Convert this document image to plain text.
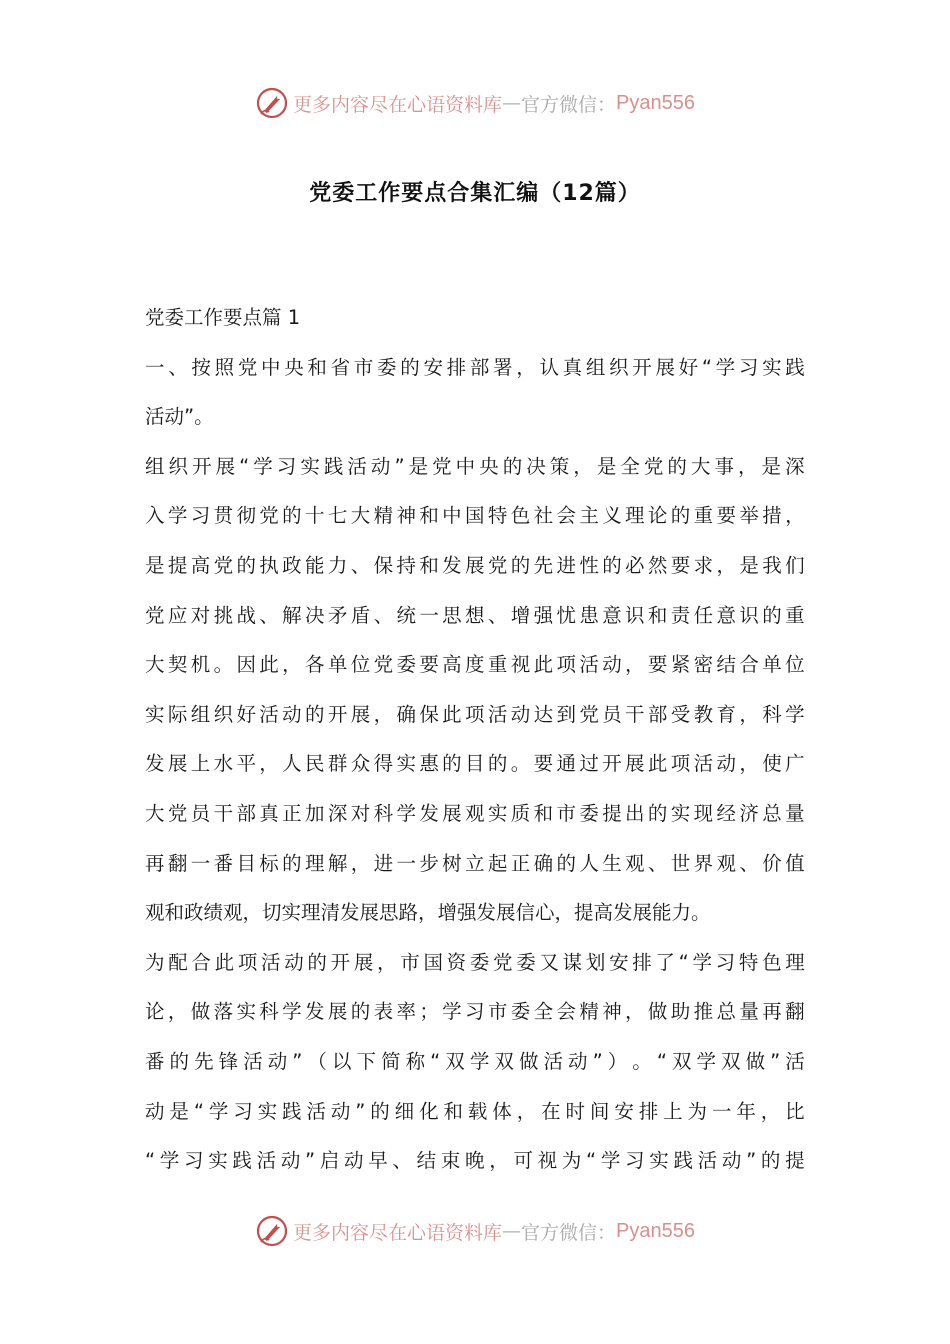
更多内容尽在心语资料库 — 官方微信： Pyan556
党委工作要点合集汇编（12篇）
党委工作要点篇 1
一 、 按 照 党 中 央 和 省 市 委 的 安 排 部 署 ， 认 真 组 织 开 展 好 “ 学 习 实 践
活动”。
组 织 开 展 “ 学 习 实 践 活 动 ” 是 党 中 央 的 决 策 ， 是 全 党 的 大 事 ， 是 深
入 学 习 贯 彻 党 的 十 七 大 精 神 和 中 国 特 色 社 会 主 义 理 论 的 重 要 举 措 ，
是 提 高 党 的 执 政 能 力 、 保 持 和 发 展 党 的 先 进 性 的 必 然 要 求 ， 是 我 们
党 应 对 挑 战 、 解 决 矛 盾 、 统 一 思 想 、 增 强 忧 患 意 识 和 责 任 意 识 的 重
大 契 机 。 因 此 ， 各 单 位 党 委 要 高 度 重 视 此 项 活 动 ， 要 紧 密 结 合 单 位
实 际 组 织 好 活 动 的 开 展 ， 确 保 此 项 活 动 达 到 党 员 干 部 受 教 育 ， 科 学
发 展 上 水 平 ， 人 民 群 众 得 实 惠 的 目 的 。 要 通 过 开 展 此 项 活 动 ， 使 广
大 党 员 干 部 真 正 加 深 对 科 学 发 展 观 实 质 和 市 委 提 出 的 实 现 经 济 总 量
再 翻 一 番 目 标 的 理 解 ， 进 一 步 树 立 起 正 确 的 人 生 观 、 世 界 观 、 价 值
观和政绩观，切实理清发展思路，增强发展信心，提高发展能力。
为 配 合 此 项 活 动 的 开 展 ， 市 国 资 委 党 委 又 谋 划 安 排 了 “ 学 习 特 色 理
论 ， 做 落 实 科 学 发 展 的 表 率 ； 学 习 市 委 全 会 精 神 ， 做 助 推 总 量 再 翻
番 的 先 锋 活 动 ” （ 以 下 简 称 “ 双 学 双 做 活 动 ” ） 。 “ 双 学 双 做 ” 活
动 是 “ 学 习 实 践 活 动 ” 的 细 化 和 载 体 ， 在 时 间 安 排 上 为 一 年 ， 比
“ 学 习 实 践 活 动 ” 启 动 早 、 结 束 晚 ， 可 视 为 “ 学 习 实 践 活 动 ” 的 提
更多内容尽在心语资料库 — 官方微信： Pyan556
